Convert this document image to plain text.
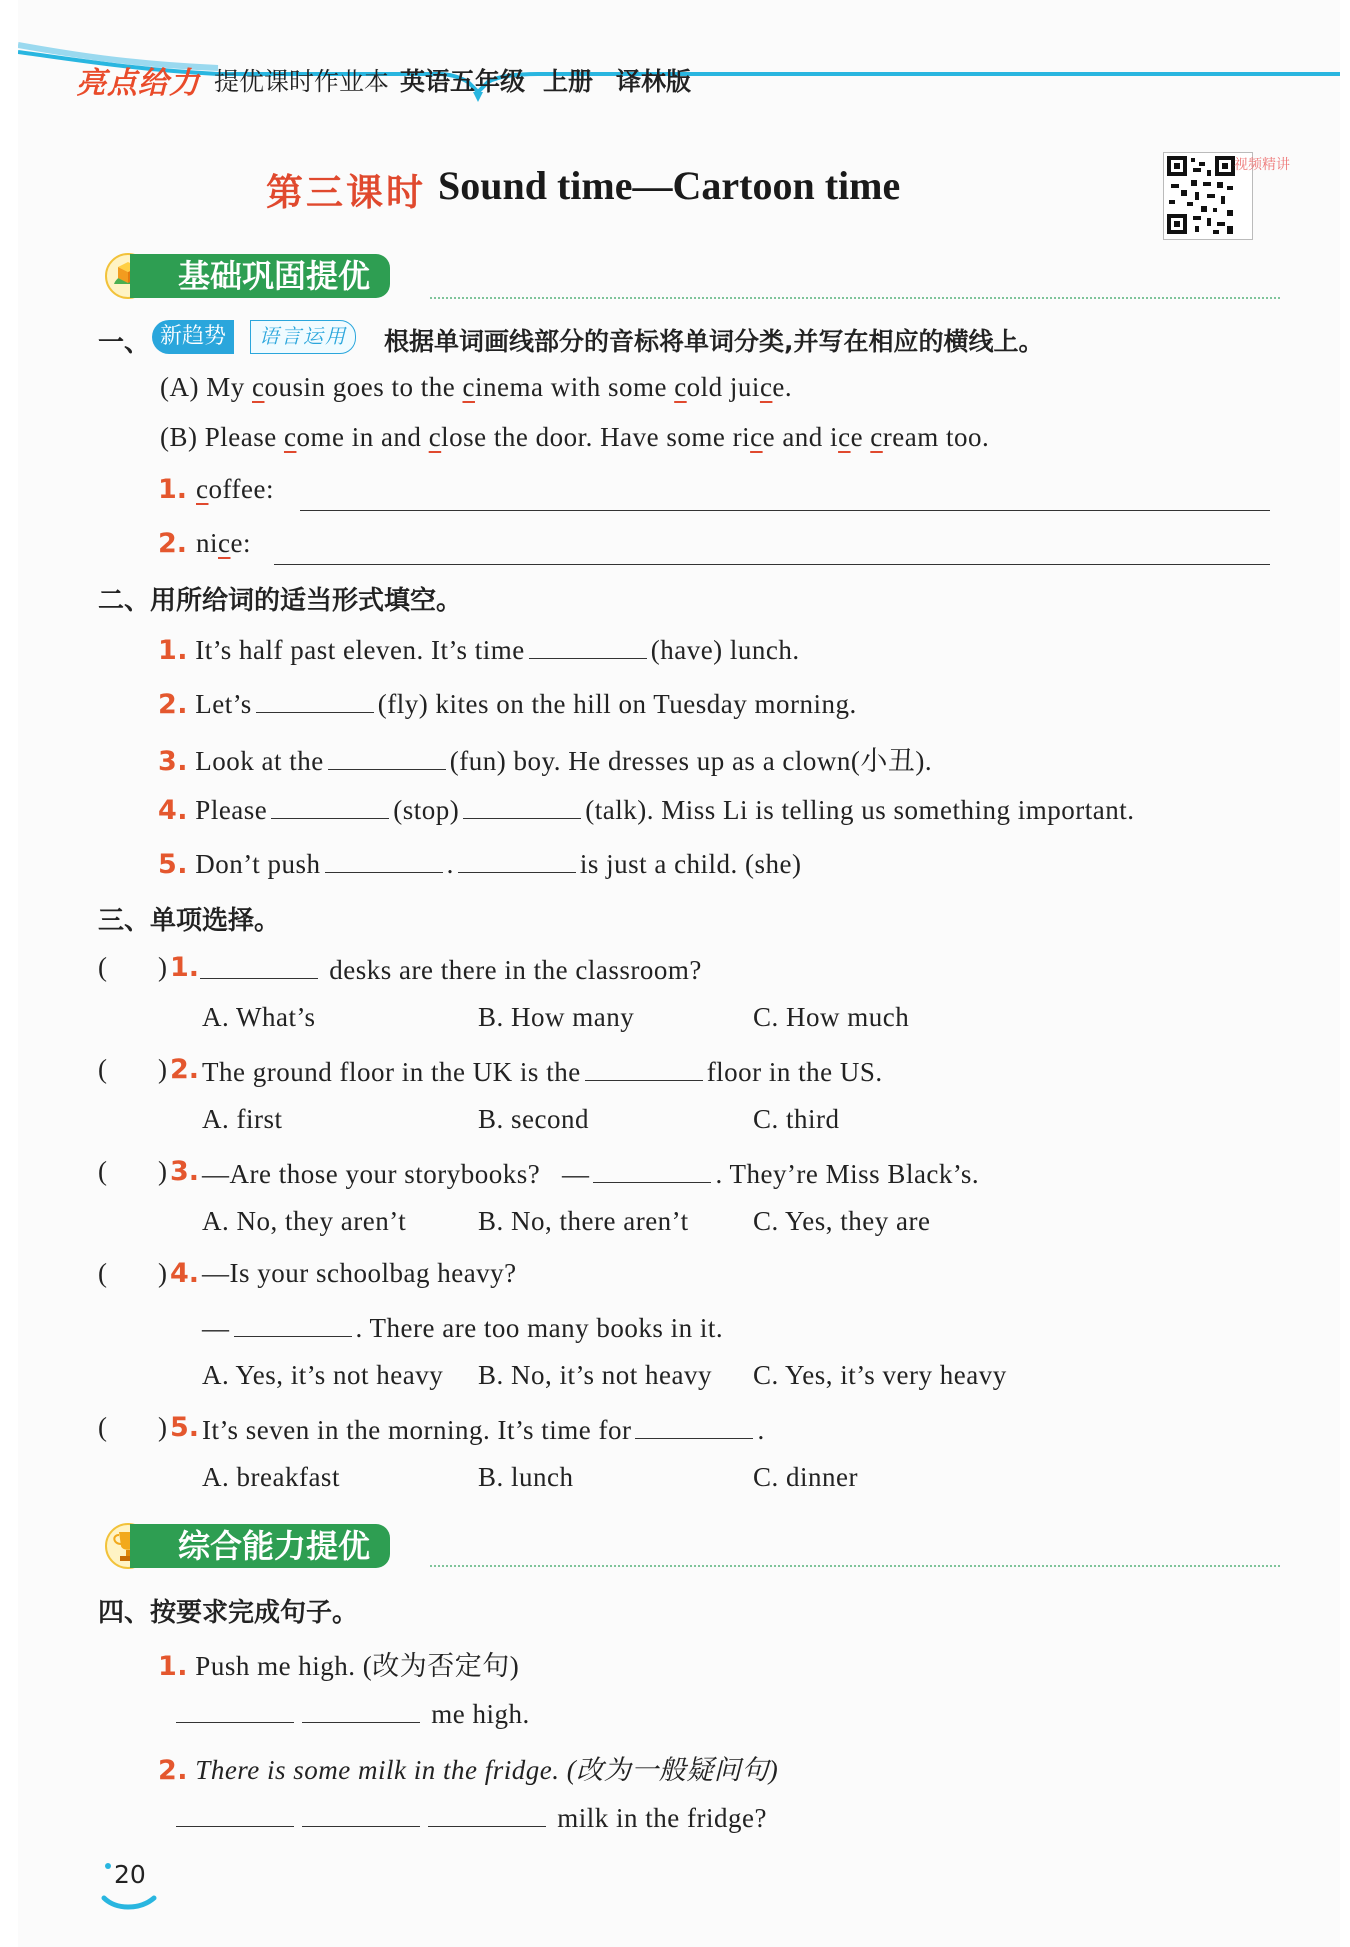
亮点给力 提优课时作业本 英语五年级 上册 译林版
第三课时 Sound time—Cartoon time	视频精讲
基础巩固提优
一、 新趋势	语言运用	根据单词画线部分的音标将单词分类,并写在相应的横线上。
(A) My cousin goes to the cinema with some cold juice.
(B) Please come in and close the door. Have some rice and ice cream too.
1. coffee:
2. nice:
二、用所给词的适当形式填空。
1. It’s half past eleven. It’s time	(have) lunch.
2. Let’s	(fly) kites on the hill on Tuesday morning.
3. Look at the	(fun) boy. He dresses up as a clown(小丑).
4. Please	(stop)	(talk). Miss Li is telling us something important.
5. Don’t push	.	is just a child. (she)
三、单项选择。
( ) 1.	desks are there in the classroom?
A. What’s	B. How many	C. How much
( ) 2. The ground floor in the UK is the	floor in the US.
A. first	B. second	C. third
( ) 3. —Are those your storybooks? —	. They’re Miss Black’s.
A. No, they aren’t	B. No, there aren’t C. Yes, they are
( ) 4. —Is your schoolbag heavy?
—	. There are too many books in it.
A. Yes, it’s not heavy B. No, it’s not heavy C. Yes, it’s very heavy
( ) 5. It’s seven in the morning. It’s time for	.
A. breakfast	B. lunch	C. dinner
综合能力提优
四、按要求完成句子。
1. Push me high. (改为否定句)
me high.
2. There is some milk in the fridge. (改为一般疑问句)
milk in the fridge?
20
